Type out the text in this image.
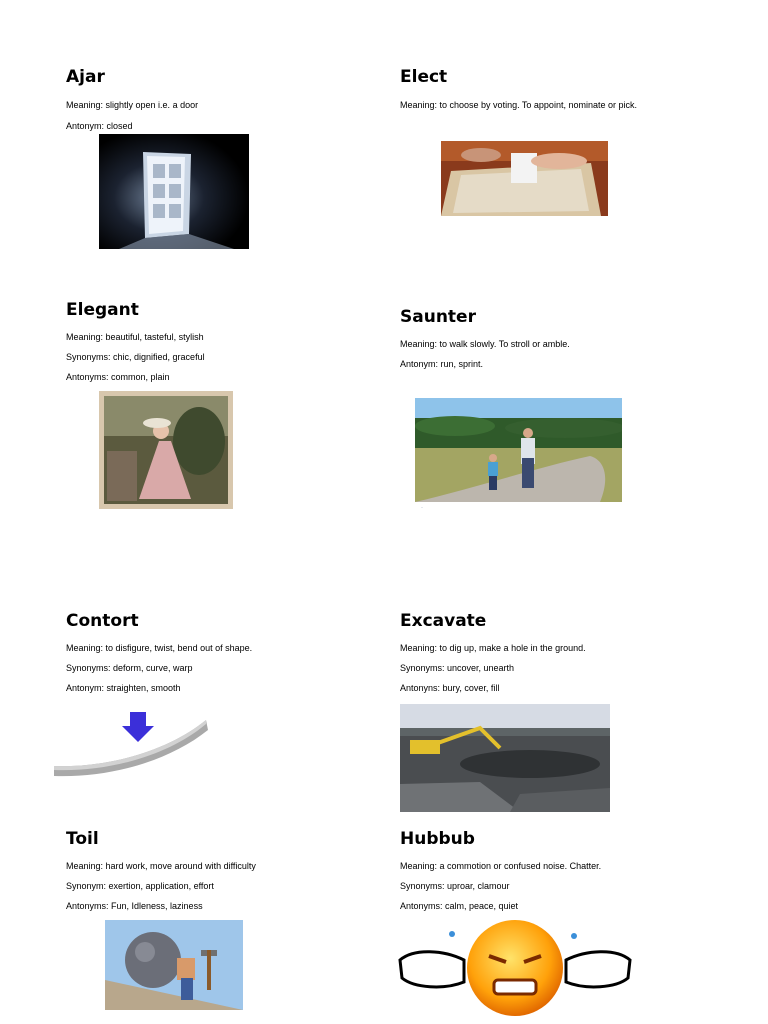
Ajar
Meaning: slightly open i.e. a door
Antonym: closed
Elect
Meaning: to choose by voting. To appoint, nominate or pick.
Elegant
Meaning: beautiful, tasteful, stylish
Synonyms: chic, dignified, graceful
Antonyms: common, plain
Saunter
Meaning: to walk slowly. To stroll or amble.
Antonym: run, sprint.
·
Contort
Meaning: to disfigure, twist, bend out of shape.
Synonyms: deform, curve, warp
Antonym: straighten, smooth
Excavate
Meaning: to dig up, make a hole in the ground.
Synonyms: uncover, unearth
Antonyns: bury, cover, fill
Toil
Meaning: hard work, move around with difficulty
Synonym: exertion, application, effort
Antonyms: Fun, Idleness, laziness
Hubbub
Meaning: a commotion or confused noise. Chatter.
Synonyms: uproar, clamour
Antonyms: calm, peace, quiet
